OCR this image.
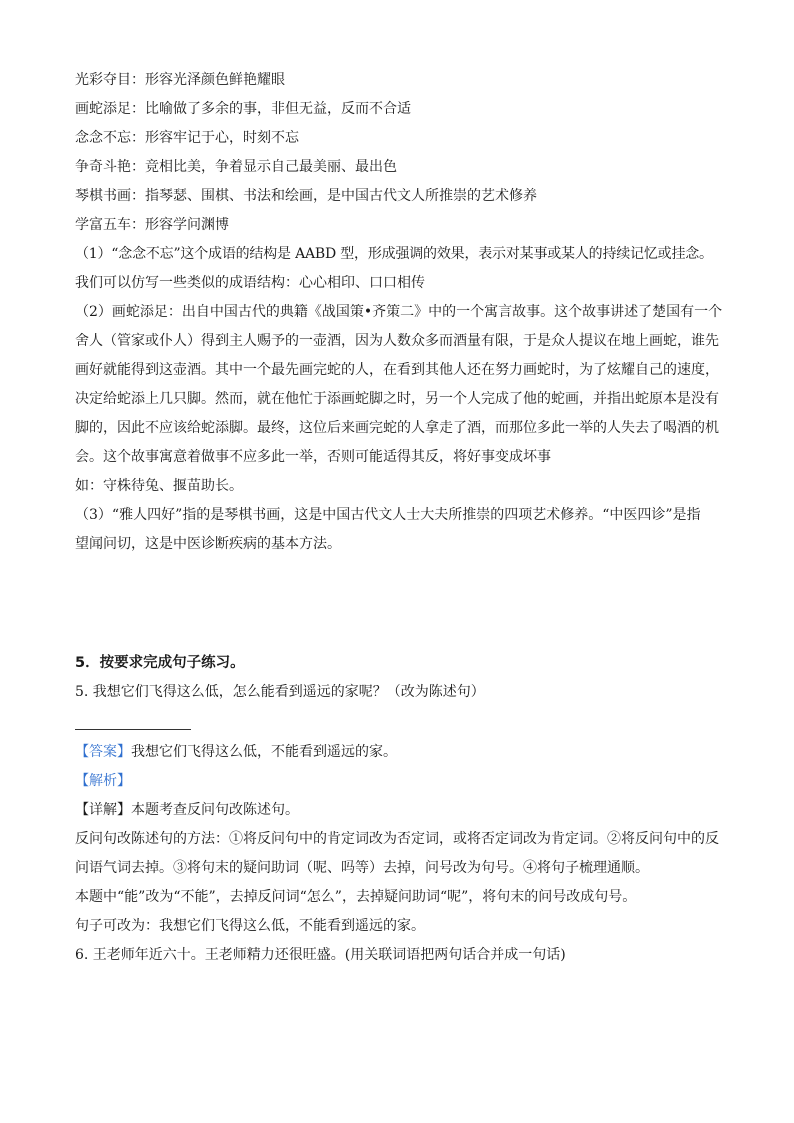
光彩夺目：形容光泽颜色鲜艳耀眼

画蛇添足：比喻做了多余的事，非但无益，反而不合适

念念不忘：形容牢记于心，时刻不忘

争奇斗艳：竞相比美，争着显示自己最美丽、最出色

琴棋书画：指琴瑟、围棋、书法和绘画，是中国古代文人所推崇的艺术修养

学富五车：形容学问渊博

（1）“念念不忘”这个成语的结构是 AABD 型，形成强调的效果，表示对某事或某人的持续记忆或挂念。

我们可以仿写一些类似的成语结构：心心相印、口口相传

（2）画蛇添足：出自中国古代的典籍《战国策•齐策二》中的一个寓言故事。这个故事讲述了楚国有一个

舍人（管家或仆人）得到主人赐予的一壶酒，因为人数众多而酒量有限，于是众人提议在地上画蛇，谁先

画好就能得到这壶酒。其中一个最先画完蛇的人，在看到其他人还在努力画蛇时，为了炫耀自己的速度，

决定给蛇添上几只脚。然而，就在他忙于添画蛇脚之时，另一个人完成了他的蛇画，并指出蛇原本是没有

脚的，因此不应该给蛇添脚。最终，这位后来画完蛇的人拿走了酒，而那位多此一举的人失去了喝酒的机

会。这个故事寓意着做事不应多此一举，否则可能适得其反，将好事变成坏事

如：守株待兔、揠苗助长。

（3）“雅人四好”指的是琴棋书画，这是中国古代文人士大夫所推崇的四项艺术修养。“中医四诊”是指

望闻问切，这是中医诊断疾病的基本方法。

5．按要求完成句子练习。

5. 我想它们飞得这么低，怎么能看到遥远的家呢？（改为陈述句）

【答案】我想它们飞得这么低，不能看到遥远的家。

【解析】

【详解】本题考查反问句改陈述句。

反问句改陈述句的方法：①将反问句中的肯定词改为否定词，或将否定词改为肯定词。②将反问句中的反

问语气词去掉。③将句末的疑问助词（呢、吗等）去掉，问号改为句号。④将句子梳理通顺。

本题中“能”改为“不能”，去掉反问词“怎么”，去掉疑问助词“呢”，将句末的问号改成句号。

句子可改为：我想它们飞得这么低，不能看到遥远的家。

6. 王老师年近六十。王老师精力还很旺盛。(用关联词语把两句话合并成一句话)
